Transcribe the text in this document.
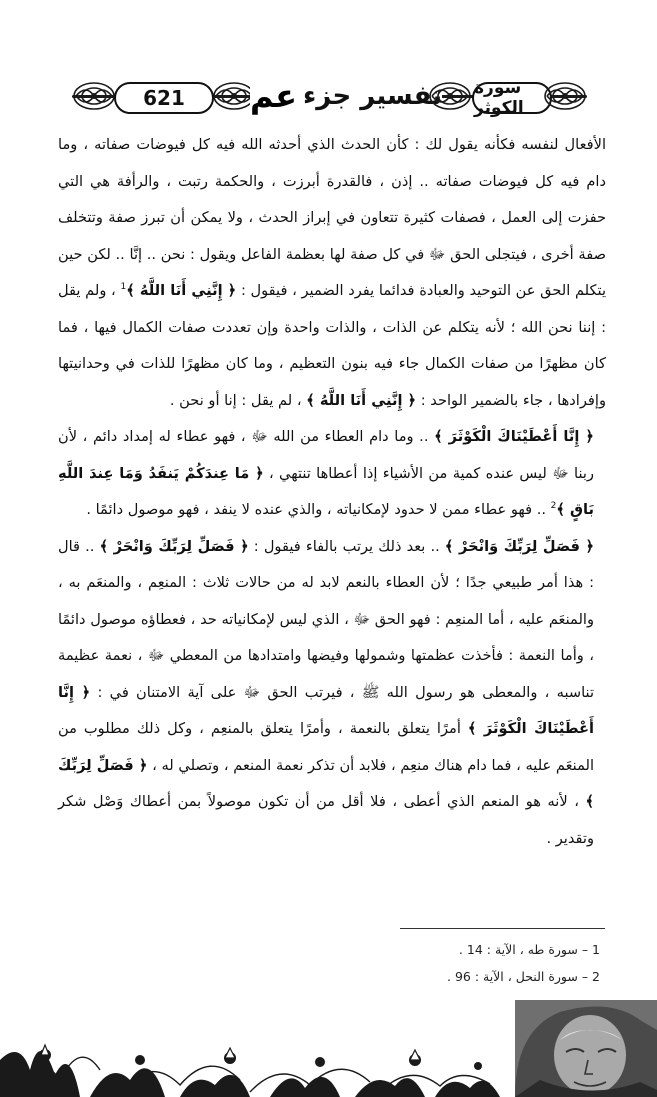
621	تفسير جزء
عم	سورة الكوثر

الأفعال لنفسه فكأنه يقول لك : كأن الحدث الذي أحدثه الله فيه كل فيوضات صفاته ، وما دام فيه كل فيوضات صفاته .. إذن ، فالقدرة أبرزت ، والحكمة رتبت ، والرأفة هي التي حفزت إلى العمل ، فصفات كثيرة تتعاون في إبراز الحدث ، ولا يمكن أن تبرز صفة وتتخلف صفة أخرى ، فيتجلى الحق ﷻ في كل صفة لها بعظمة الفاعل ويقول : نحن .. إنَّا .. لكن حين يتكلم الحق عن التوحيد والعبادة فدائما يفرد الضمير ، فيقول : ﴿ إِنَّنِي أَنَا اللَّهُ ﴾$^1$ ، ولم يقل : إننا نحن الله ؛ لأنه يتكلم عن الذات ، والذات واحدة وإن تعددت صفات الكمال فيها ، فما كان مظهرًا من صفات الكمال جاء فيه بنون التعظيم ، وما كان مظهرًا للذات في وحدانيتها وإفرادها ، جاء بالضمير الواحد : ﴿ إِنَّنِي أَنَا اللَّهُ ﴾ ، لم يقل : إنا أو نحن .

﴿ إِنَّا أَعْطَيْنَاكَ الْكَوْثَرَ ﴾ .. وما دام العطاء من الله ﷻ ، فهو عطاء له إمداد دائم ، لأن ربنا ﷻ ليس عنده كمية من الأشياء إذا أعطاها تنتهي ، ﴿ مَا عِندَكُمْ يَنفَدُ وَمَا عِندَ اللَّهِ بَاقٍ ﴾$^2$ .. فهو عطاء ممن لا حدود لإمكانياته ، والذي عنده لا ينفد ، فهو موصول دائمًا .

﴿ فَصَلِّ لِرَبِّكَ وَانْحَرْ ﴾ .. بعد ذلك يرتب بالفاء فيقول : ﴿ فَصَلِّ لِرَبِّكَ وَانْحَرْ ﴾ .. قال : هذا أمر طبيعي جدًا ؛ لأن العطاء بالنعم لابد له من حالات ثلاث : المنعِم ، والمنعَم به ، والمنعَم عليه ، أما المنعِم : فهو الحق ﷻ ، الذي ليس لإمكانياته حد ، فعطاؤه موصول دائمًا ، وأما النعمة : فأخذت عظمتها وشمولها وفيضها وامتدادها من المعطي ﷻ ، نعمة عظيمة تناسبه ، والمعطى هو رسول الله ﷺ ، فيرتب الحق ﷻ على آية الامتنان في : ﴿ إِنَّا أَعْطَيْنَاكَ الْكَوْثَرَ ﴾ أمرًا يتعلق بالنعمة ، وأمرًا يتعلق بالمنعِم ، وكل ذلك مطلوب من المنعَم عليه ، فما دام هناك منعِم ، فلابد أن تذكر نعمة المنعم ، وتصلي له ، ﴿ فَصَلِّ لِرَبِّكَ ﴾ ، لأنه هو المنعم الذي أعطى ، فلا أقل من أن تكون موصولاً بمن أعطاك وَصْل شكر وتقدير .

1 – سورة طه ، الآية : 14 .
2 – سورة النحل ، الآية : 96 .
